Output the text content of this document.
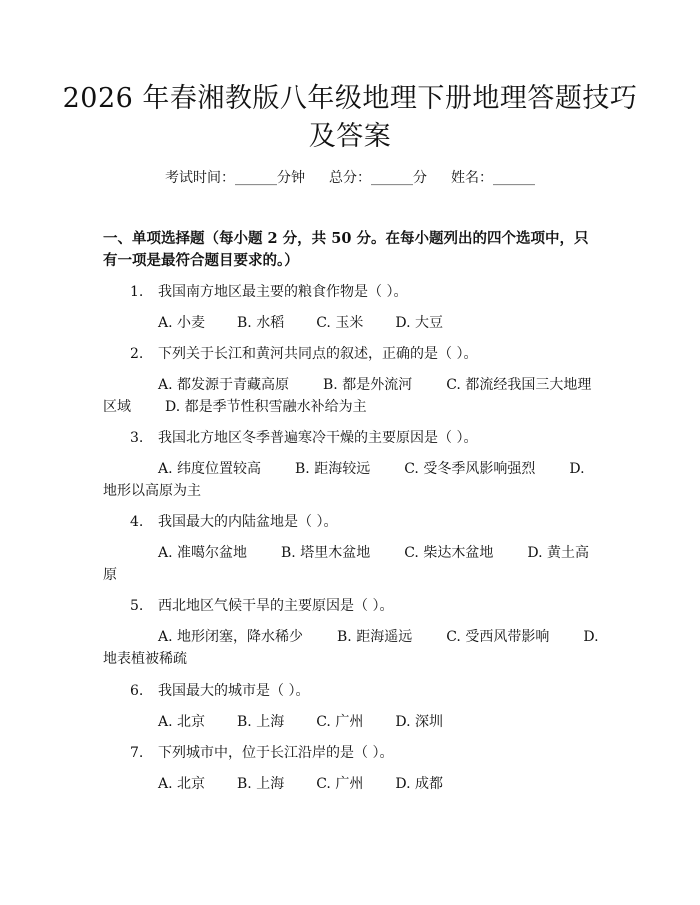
2026 年春湘教版八年级地理下册地理答题技巧及答案
考试时间：______分钟 总分：______分 姓名：______
一、单项选择题（每小题 2 分，共 50 分。在每小题列出的四个选项中，只有一项是最符合题目要求的。）
1. 我国南方地区最主要的粮食作物是（ ）。
A. 小麦 B. 水稻 C. 玉米 D. 大豆
2. 下列关于长江和黄河共同点的叙述，正确的是（ ）。
A. 都发源于青藏高原 B. 都是外流河 C. 都流经我国三大地理区域 D. 都是季节性积雪融水补给为主
3. 我国北方地区冬季普遍寒冷干燥的主要原因是（ ）。
A. 纬度位置较高 B. 距海较远 C. 受冬季风影响强烈 D. 地形以高原为主
4. 我国最大的内陆盆地是（ ）。
A. 准噶尔盆地 B. 塔里木盆地 C. 柴达木盆地 D. 黄土高原
5. 西北地区气候干旱的主要原因是（ ）。
A. 地形闭塞，降水稀少 B. 距海遥远 C. 受西风带影响 D. 地表植被稀疏
6. 我国最大的城市是（ ）。
A. 北京 B. 上海 C. 广州 D. 深圳
7. 下列城市中，位于长江沿岸的是（ ）。
A. 北京 B. 上海 C. 广州 D. 成都
